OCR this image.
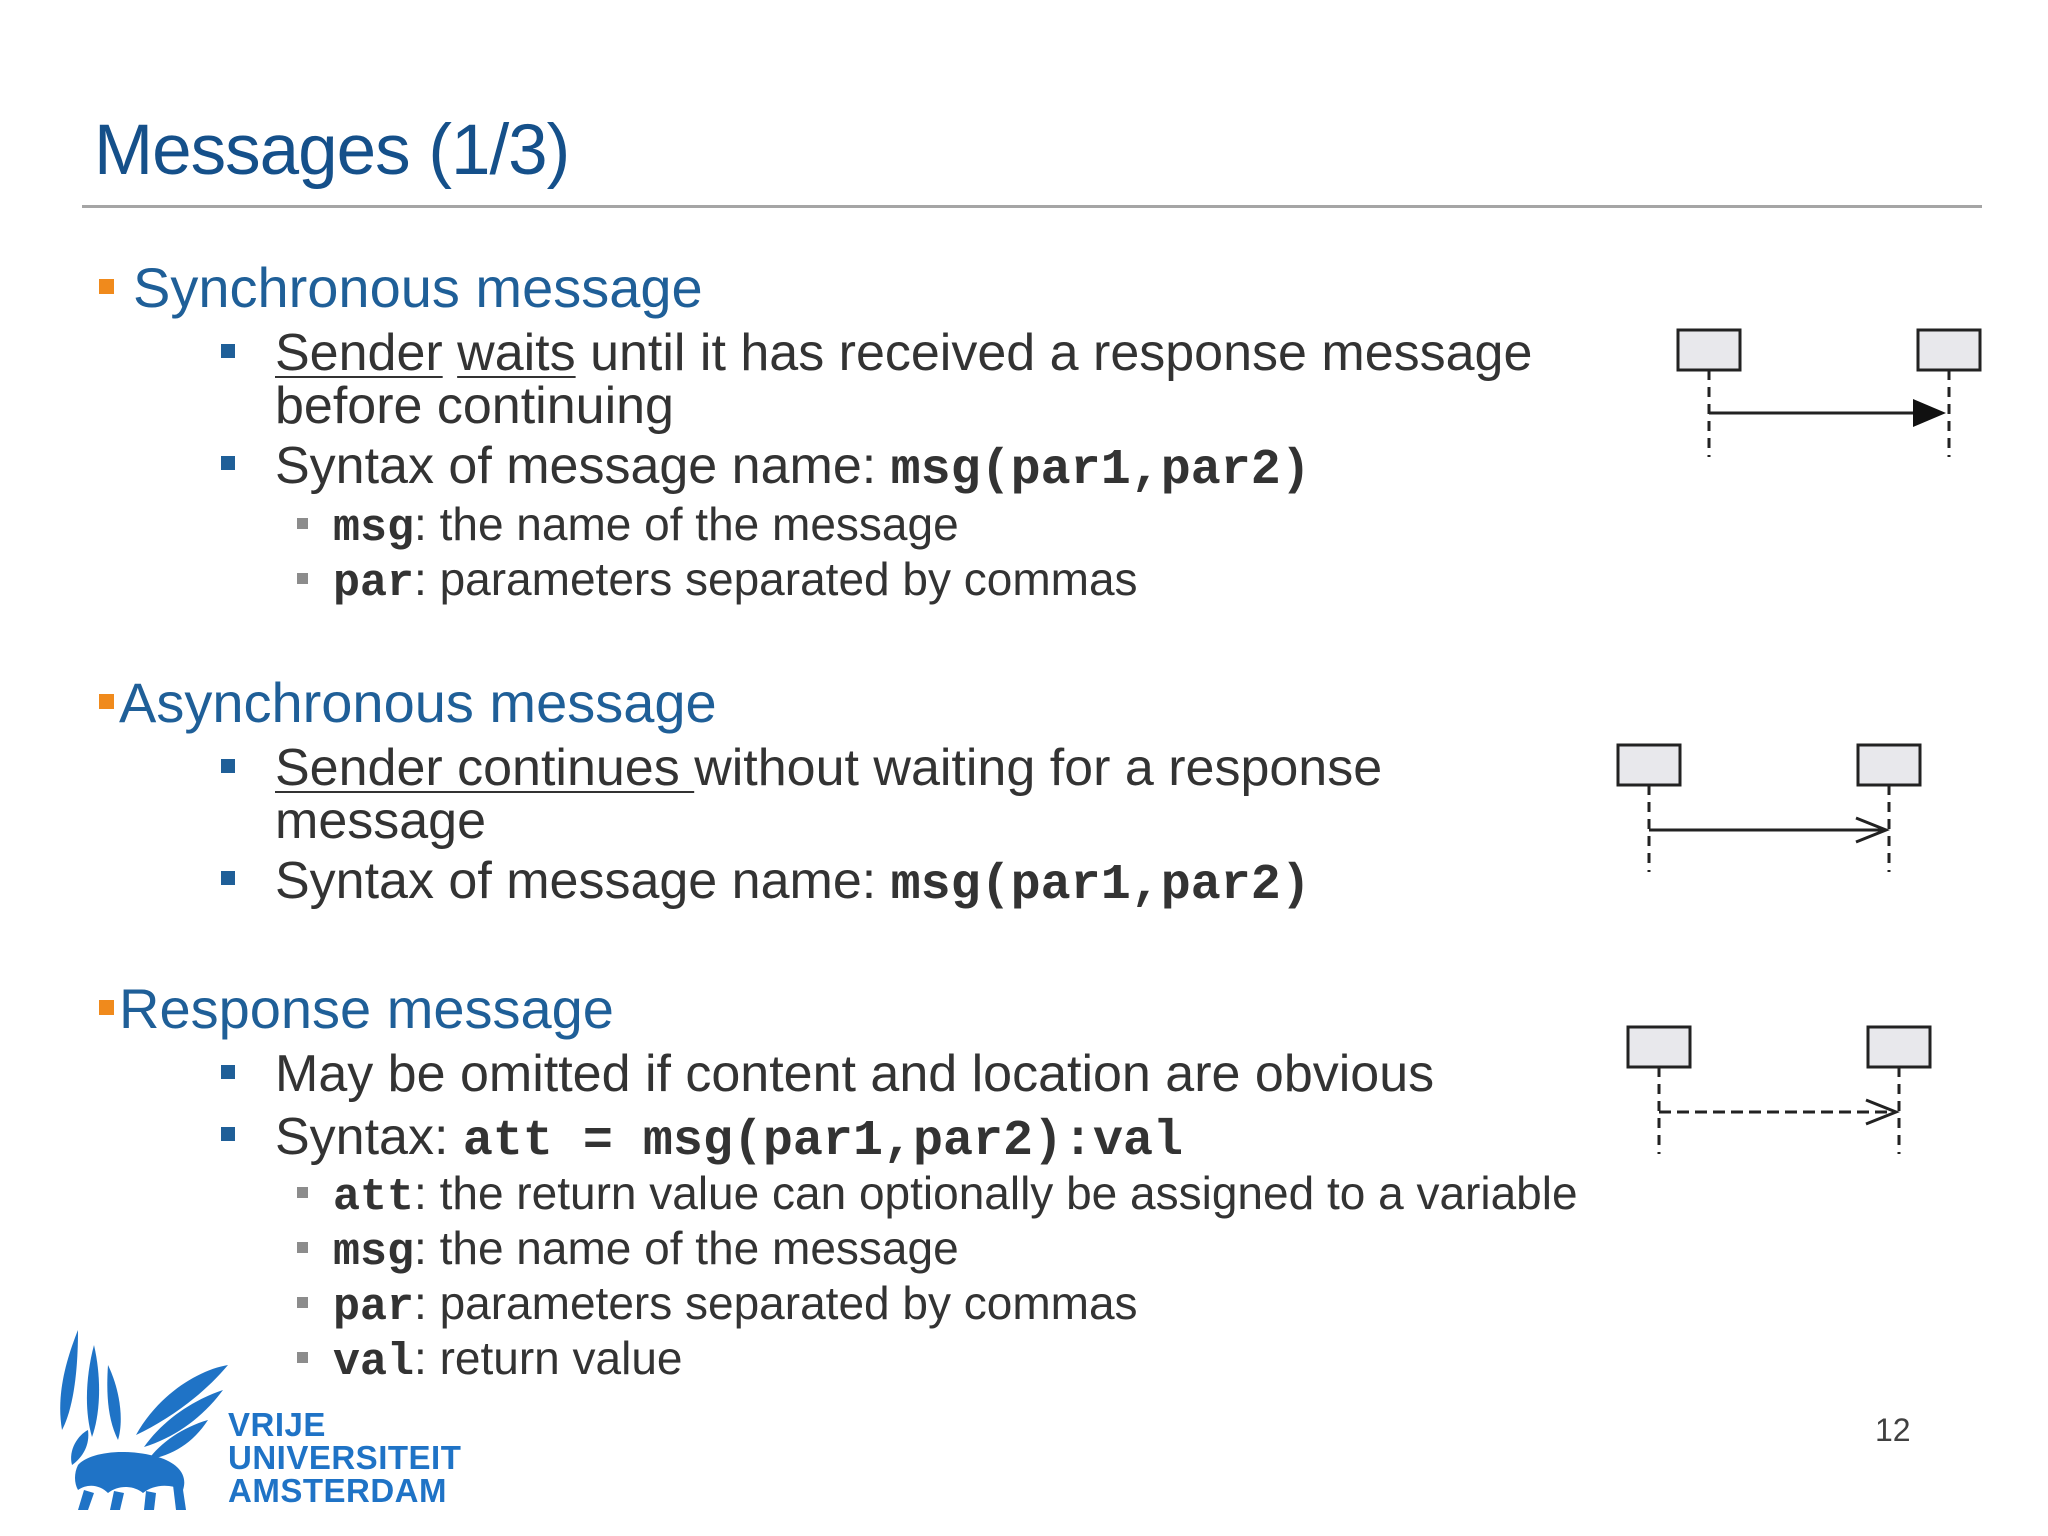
Messages (1/3)
Synchronous message
Sender waits until it has received a response message
before continuing
Syntax of message name: msg(par1,par2)
msg: the name of the message
par: parameters separated by commas
Asynchronous message
Sender continues without waiting for a response
message
Syntax of message name: msg(par1,par2)
Response message
May be omitted if content and location are obvious
Syntax: att = msg(par1,par2):val
att: the return value can optionally be assigned to a variable
msg: the name of the message
par: parameters separated by commas
val: return value
VRIJE
UNIVERSITEIT
AMSTERDAM
12
